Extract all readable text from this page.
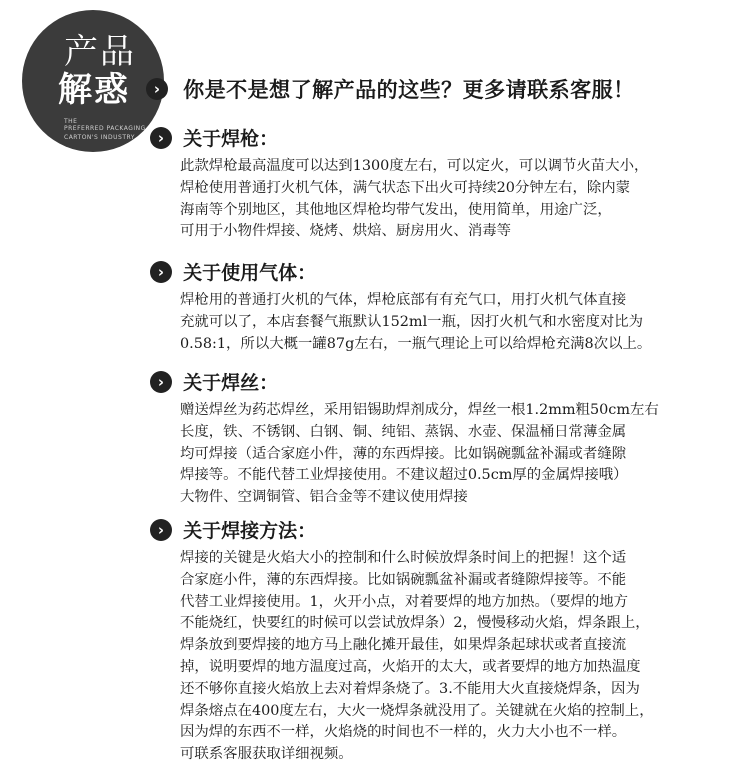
产品
解惑
THE
PREFERRED PACKAGING
CARTON'S INDUSTRY
› 你是不是想了解产品的这些？更多请联系客服！
› 关于焊枪：
此款焊枪最高温度可以达到1300度左右，可以定火，可以调节火苗大小，
焊枪使用普通打火机气体，满气状态下出火可持续20分钟左右，除内蒙
海南等个别地区，其他地区焊枪均带气发出，使用简单，用途广泛，
可用于小物件焊接、烧烤、烘焙、厨房用火、消毒等
› 关于使用气体：
焊枪用的普通打火机的气体，焊枪底部有有充气口，用打火机气体直接
充就可以了，本店套餐气瓶默认152ml一瓶，因打火机气和水密度对比为
0.58:1，所以大概一罐87g左右，一瓶气理论上可以给焊枪充满8次以上。
› 关于焊丝：
赠送焊丝为药芯焊丝，采用铝锡助焊剂成分，焊丝一根1.2mm粗50cm左右
长度，铁、不锈钢、白钢、铜、纯铝、蒸锅、水壶、保温桶日常薄金属
均可焊接（适合家庭小件，薄的东西焊接。比如锅碗瓢盆补漏或者缝隙
焊接等。不能代替工业焊接使用。不建议超过0.5cm厚的金属焊接哦）
大物件、空调铜管、铝合金等不建议使用焊接
› 关于焊接方法：
焊接的关键是火焰大小的控制和什么时候放焊条时间上的把握！这个适
合家庭小件，薄的东西焊接。比如锅碗瓢盆补漏或者缝隙焊接等。不能
代替工业焊接使用。1，火开小点，对着要焊的地方加热。（要焊的地方
不能烧红，快要红的时候可以尝试放焊条）2，慢慢移动火焰，焊条跟上，
焊条放到要焊接的地方马上融化摊开最佳，如果焊条起球状或者直接流
掉，说明要焊的地方温度过高，火焰开的太大，或者要焊的地方加热温度
还不够你直接火焰放上去对着焊条烧了。3.不能用大火直接烧焊条，因为
焊条熔点在400度左右，大火一烧焊条就没用了。关键就在火焰的控制上，
因为焊的东西不一样，火焰烧的时间也不一样的，火力大小也不一样。
可联系客服获取详细视频。
